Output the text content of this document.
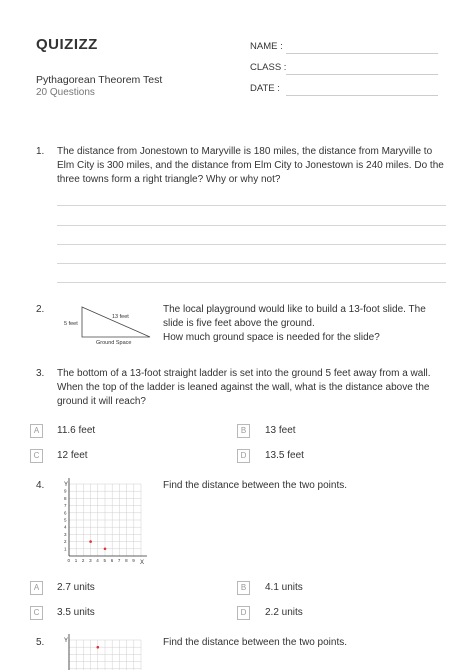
QUIZIZZ
Pythagorean Theorem Test
20 Questions
NAME :
CLASS :
DATE :
1. The distance from Jonestown to Maryville is 180 miles, the distance from Maryville to
Elm City is 300 miles, and the distance from Elm City to Jonestown is 240 miles. Do the
three towns form a right triangle? Why or why not?
2.
5 feet
13 feet
Ground Space
The local playground would like to build a 13-foot slide. The
slide is five feet above the ground.
How much ground space is needed for the slide?
3. The bottom of a 13-foot straight ladder is set into the ground 5 feet away from a wall.
When the top of the ladder is leaned against the wall, what is the distance above the
ground it will reach?
A	11.6 feet	B	13 feet
C	12 feet	D	13.5 feet
4.	Y
X
0 1 2 3 4 5 6 7 8 9
1
2
3
4
5
6
7
8
9
Find the distance between the two points.
A	2.7 units	B	4.1 units
C	3.5 units	D	2.2 units
5.	Y	Find the distance between the two points.
